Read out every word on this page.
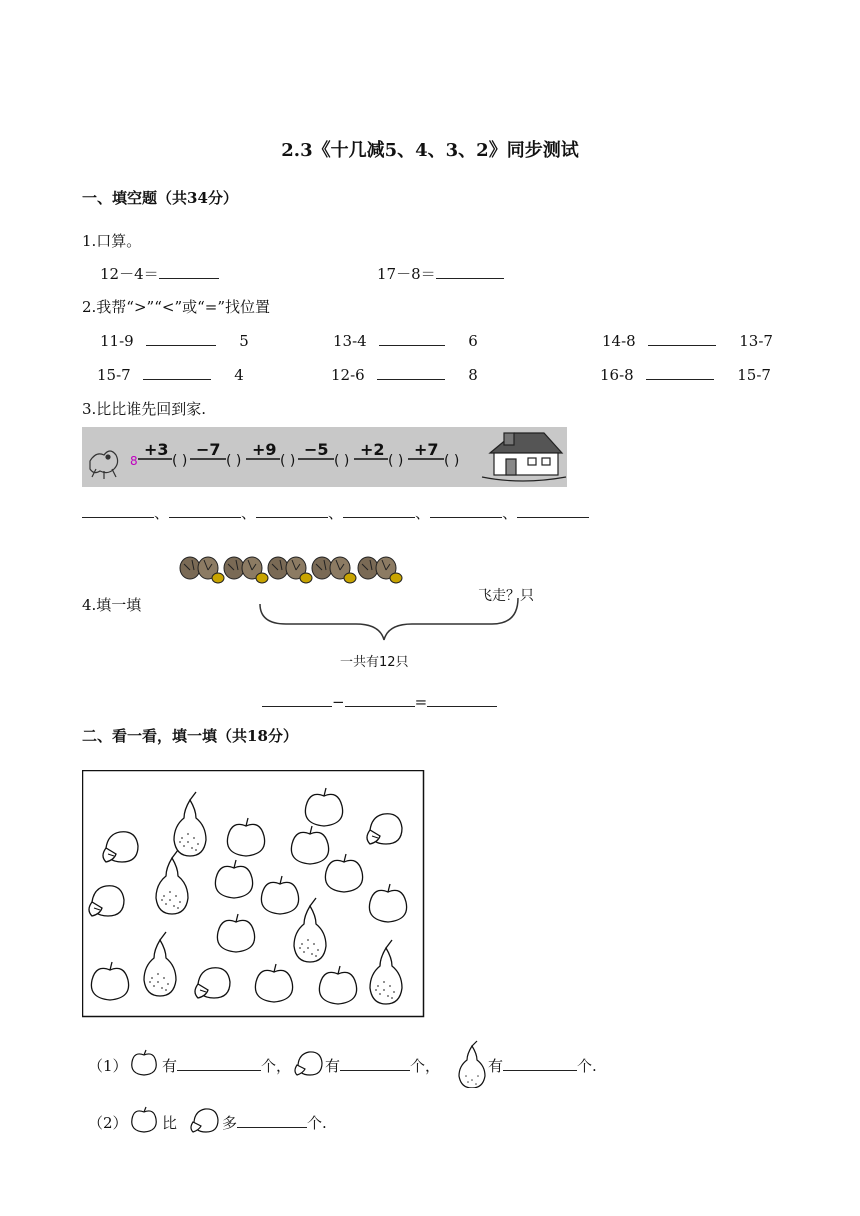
2.3《十几减5、4、3、2》同步测试
一、填空题（共34分）
1.口算。
12－4＝	17－8＝
2.我帮“>”“<”或“=”找位置
11-9	5	13-4	6	14-8	13-7
15-7	4	12-6	8	16-8	15-7
3.比比谁先回到家.
8
+3 −7 +9 −5 +2 +7
( )	( )	( )	( )	( )	( )
、	、	、	、	、
4.填一填	飞走？只
一共有12只
−	=
二、看一看，填一填（共18分）
（1） 有	个， 有	个，	有	个.
（2） 比	多	个.
